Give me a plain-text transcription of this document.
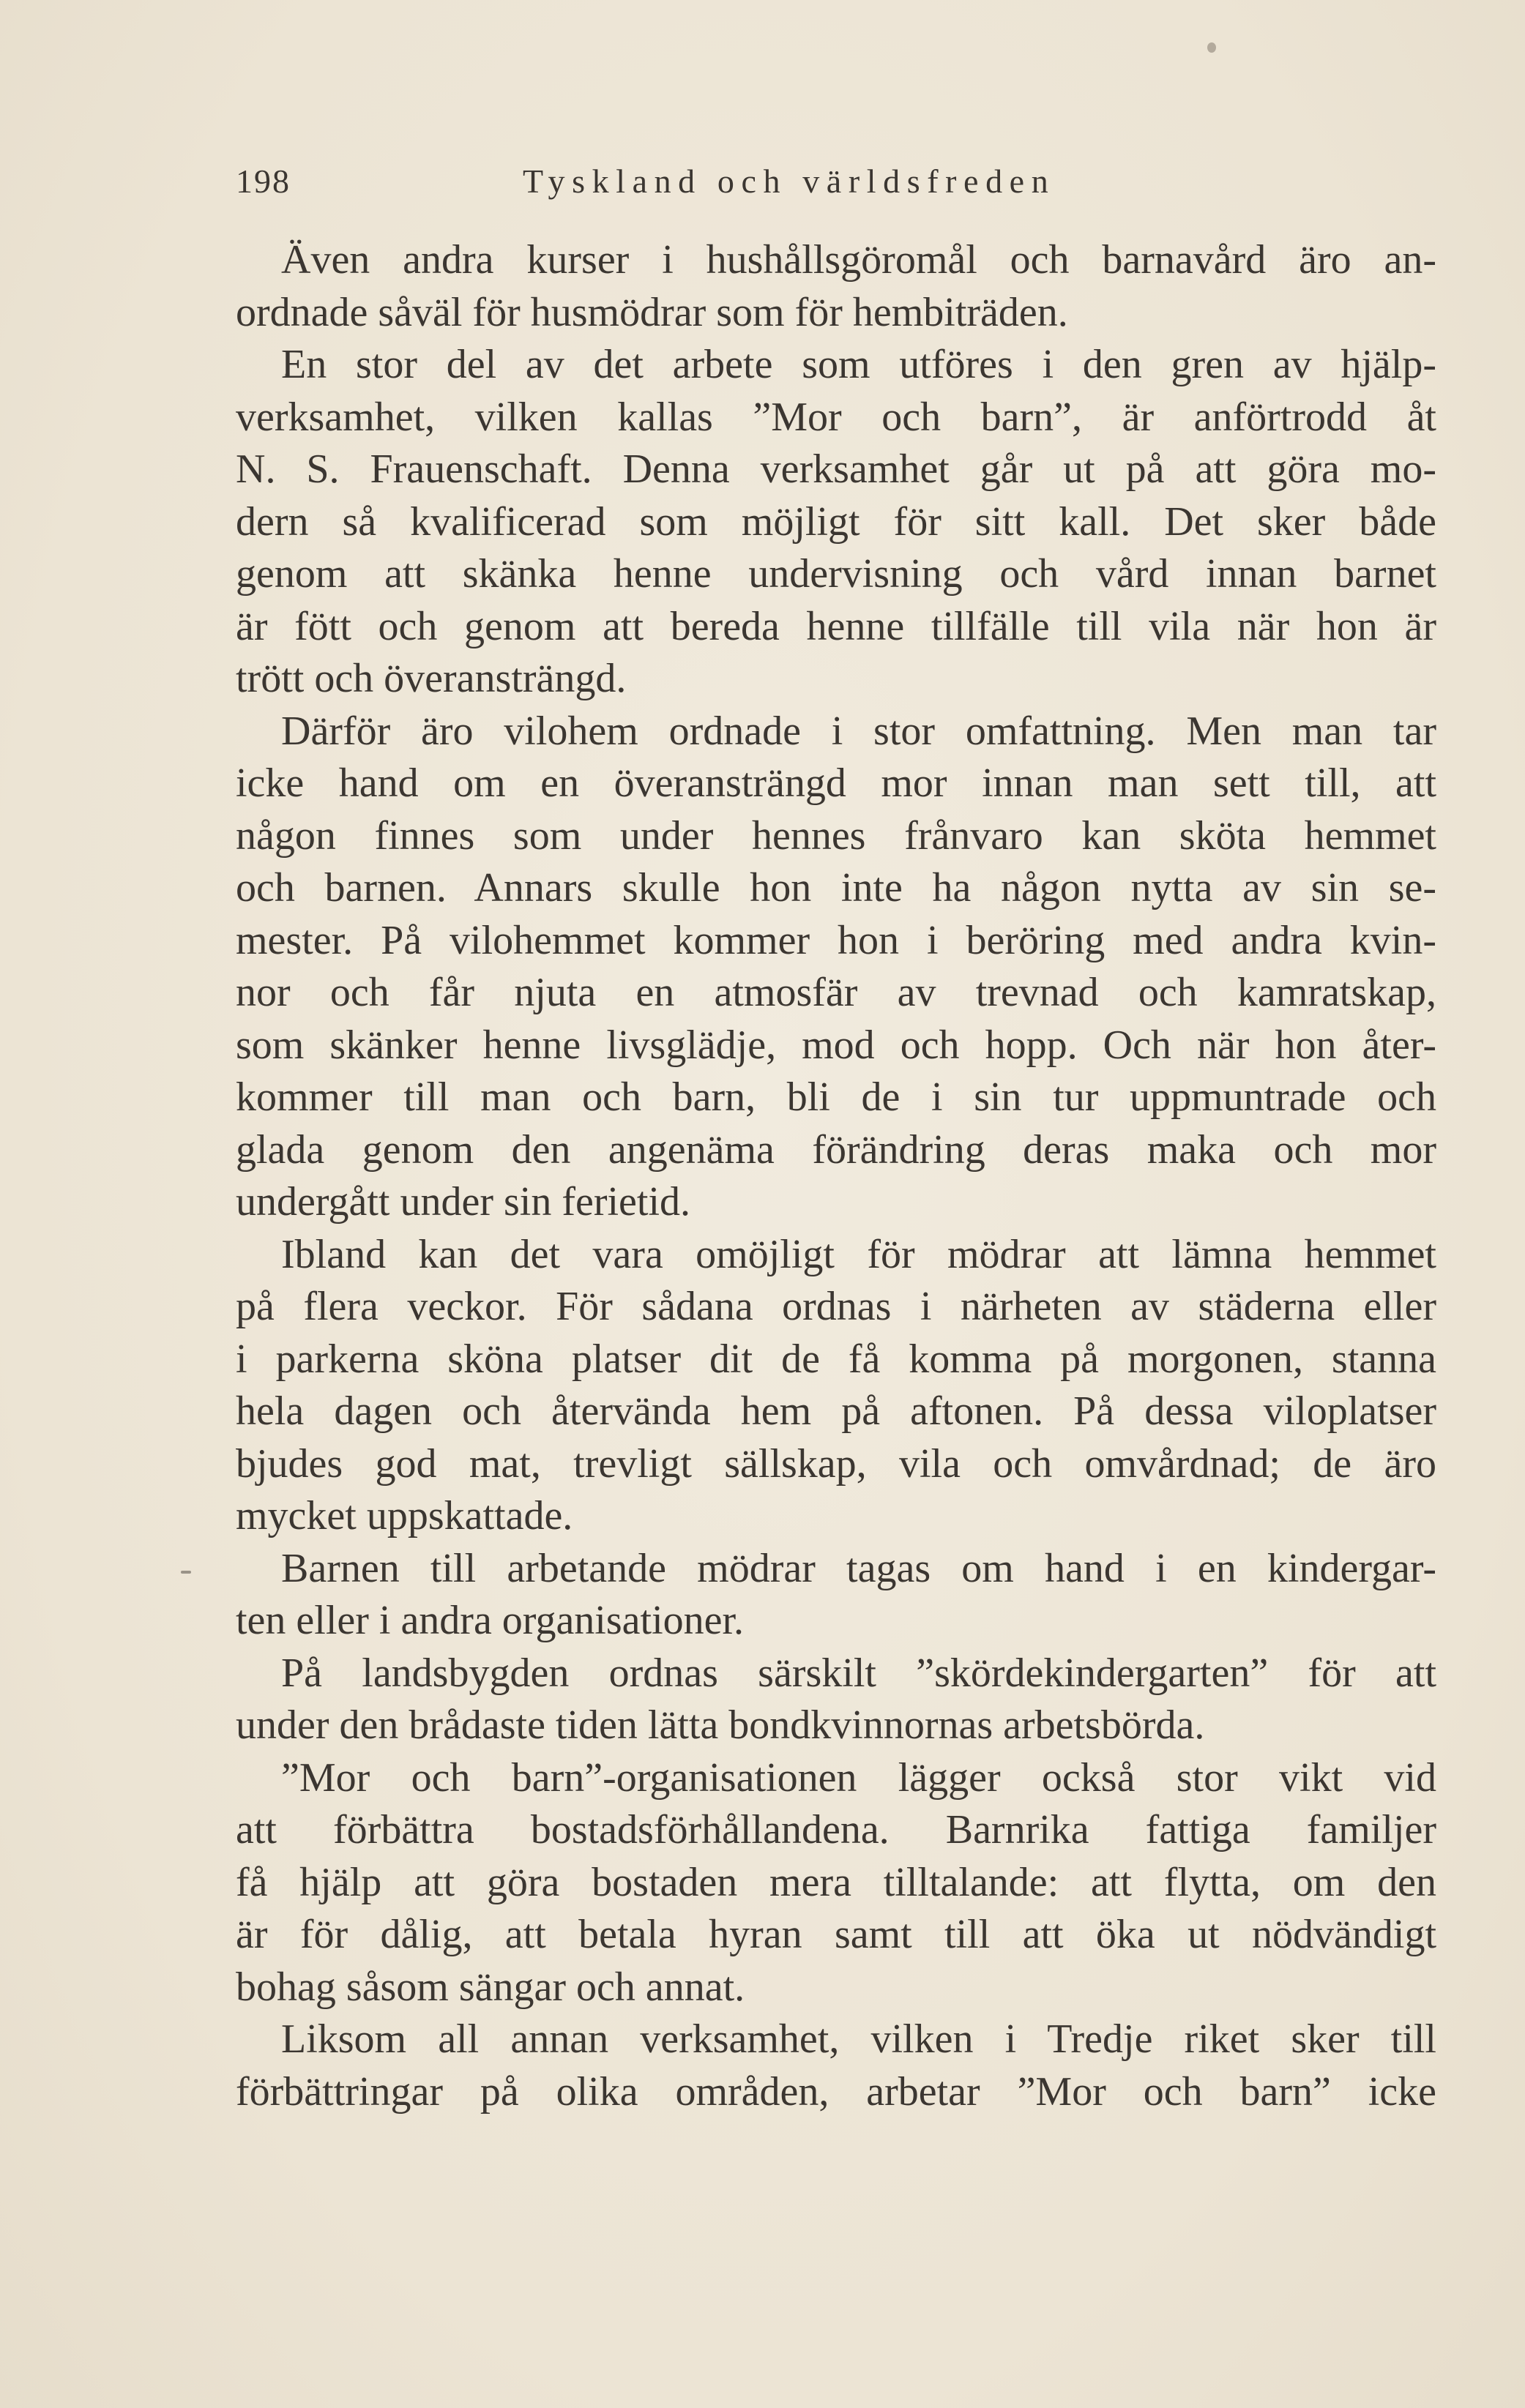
198	Tyskland och världsfreden

Även andra kurser i hushållsgöromål och barnavård äro an-
ordnade såväl för husmödrar som för hembiträden.

En stor del av det arbete som utföres i den gren av hjälp-
verksamhet, vilken kallas ”Mor och barn”, är anförtrodd åt
N. S. Frauenschaft. Denna verksamhet går ut på att göra mo-
dern så kvalificerad som möjligt för sitt kall. Det sker både
genom att skänka henne undervisning och vård innan barnet
är fött och genom att bereda henne tillfälle till vila när hon är
trött och överansträngd.

Därför äro vilohem ordnade i stor omfattning. Men man tar
icke hand om en överansträngd mor innan man sett till, att
någon finnes som under hennes frånvaro kan sköta hemmet
och barnen. Annars skulle hon inte ha någon nytta av sin se-
mester. På vilohemmet kommer hon i beröring med andra kvin-
nor och får njuta en atmosfär av trevnad och kamratskap,
som skänker henne livsglädje, mod och hopp. Och när hon åter-
kommer till man och barn, bli de i sin tur uppmuntrade och
glada genom den angenäma förändring deras maka och mor
undergått under sin ferietid.

Ibland kan det vara omöjligt för mödrar att lämna hemmet
på flera veckor. För sådana ordnas i närheten av städerna eller
i parkerna sköna platser dit de få komma på morgonen, stanna
hela dagen och återvända hem på aftonen. På dessa viloplatser
bjudes god mat, trevligt sällskap, vila och omvårdnad; de äro
mycket uppskattade.

Barnen till arbetande mödrar tagas om hand i en kindergar-
ten eller i andra organisationer.

På landsbygden ordnas särskilt ”skördekindergarten” för att
under den brådaste tiden lätta bondkvinnornas arbetsbörda.

”Mor och barn”-organisationen lägger också stor vikt vid
att förbättra bostadsförhållandena. Barnrika fattiga familjer
få hjälp att göra bostaden mera tilltalande: att flytta, om den
är för dålig, att betala hyran samt till att öka ut nödvändigt
bohag såsom sängar och annat.

Liksom all annan verksamhet, vilken i Tredje riket sker till
förbättringar på olika områden, arbetar ”Mor och barn” icke
